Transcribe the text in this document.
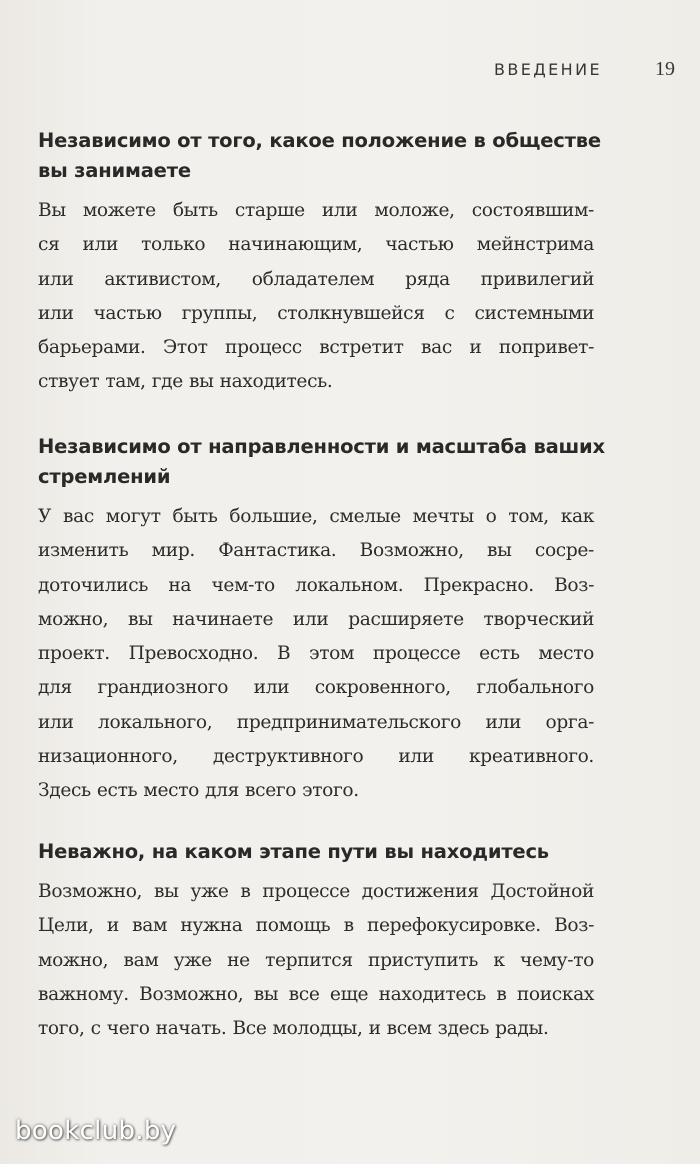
ВВЕДЕНИЕ	19
Независимо от того, какое положение в обществе
вы занимаете
Вы можете быть старше или моложе, состоявшим-
ся или только начинающим, частью мейнстрима
или активистом, обладателем ряда привилегий
или частью группы, столкнувшейся с системными
барьерами. Этот процесс встретит вас и попривет-
ствует там, где вы находитесь.
Независимо от направленности и масштаба ваших
стремлений
У вас могут быть большие, смелые мечты о том, как
изменить мир. Фантастика. Возможно, вы сосре-
доточились на чем-то локальном. Прекрасно. Воз-
можно, вы начинаете или расширяете творческий
проект. Превосходно. В этом процессе есть место
для грандиозного или сокровенного, глобального
или локального, предпринимательского или орга-
низационного, деструктивного или креативного.
Здесь есть место для всего этого.
Неважно, на каком этапе пути вы находитесь
Возможно, вы уже в процессе достижения Достойной
Цели, и вам нужна помощь в перефокусировке. Воз-
можно, вам уже не терпится приступить к чему-то
важному. Возможно, вы все еще находитесь в поисках
того, с чего начать. Все молодцы, и всем здесь рады.
bookclub.by
